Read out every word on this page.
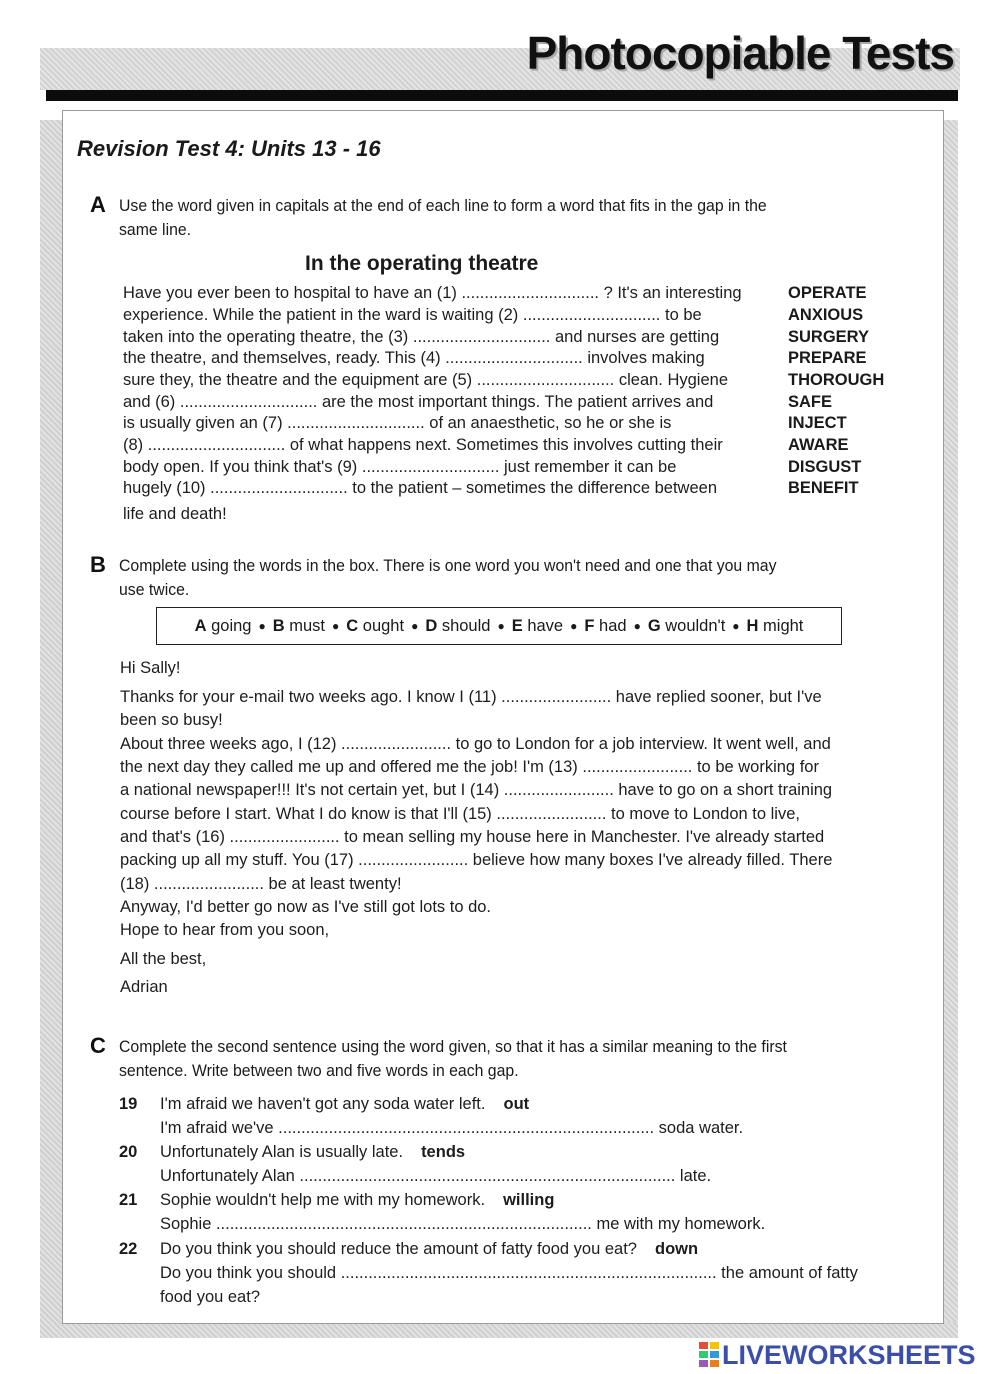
Photocopiable Tests
Revision Test 4: Units 13 - 16
A Use the word given in capitals at the end of each line to form a word that fits in the gap in the
same line.
In the operating theatre
Have you ever been to hospital to have an (1) .............................. ? It's an interesting
experience. While the patient in the ward is waiting (2) .............................. to be
taken into the operating theatre, the (3) .............................. and nurses are getting
the theatre, and themselves, ready. This (4) .............................. involves making
sure they, the theatre and the equipment are (5) .............................. clean. Hygiene
and (6) .............................. are the most important things. The patient arrives and
is usually given an (7) .............................. of an anaesthetic, so he or she is
(8) .............................. of what happens next. Sometimes this involves cutting their
body open. If you think that's (9) .............................. just remember it can be
hugely (10) .............................. to the patient – sometimes the difference between
life and death!
OPERATE
ANXIOUS
SURGERY
PREPARE
THOROUGH
SAFE
INJECT
AWARE
DISGUST
BENEFIT
B Complete using the words in the box. There is one word you won't need and one that you may
use twice.
A going ● B must ● C ought ● D should ● E have ● F had ● G wouldn't ● H might
Hi Sally!
Thanks for your e-mail two weeks ago. I know I (11) ........................ have replied sooner, but I've
been so busy!
About three weeks ago, I (12) ........................ to go to London for a job interview. It went well, and
the next day they called me up and offered me the job! I'm (13) ........................ to be working for
a national newspaper!!! It's not certain yet, but I (14) ........................ have to go on a short training
course before I start. What I do know is that I'll (15) ........................ to move to London to live,
and that's (16) ........................ to mean selling my house here in Manchester. I've already started
packing up all my stuff. You (17) ........................ believe how many boxes I've already filled. There
(18) ........................ be at least twenty!
Anyway, I'd better go now as I've still got lots to do.
Hope to hear from you soon,
All the best,
Adrian
C Complete the second sentence using the word given, so that it has a similar meaning to the first
sentence. Write between two and five words in each gap.
19 I'm afraid we haven't got any soda water left. out
I'm afraid we've .................................................................................. soda water.
20 Unfortunately Alan is usually late. tends
Unfortunately Alan .................................................................................. late.
21 Sophie wouldn't help me with my homework. willing
Sophie .................................................................................. me with my homework.
22 Do you think you should reduce the amount of fatty food you eat? down
Do you think you should .................................................................................. the amount of fatty
food you eat?
LIVEWORKSHEETS
